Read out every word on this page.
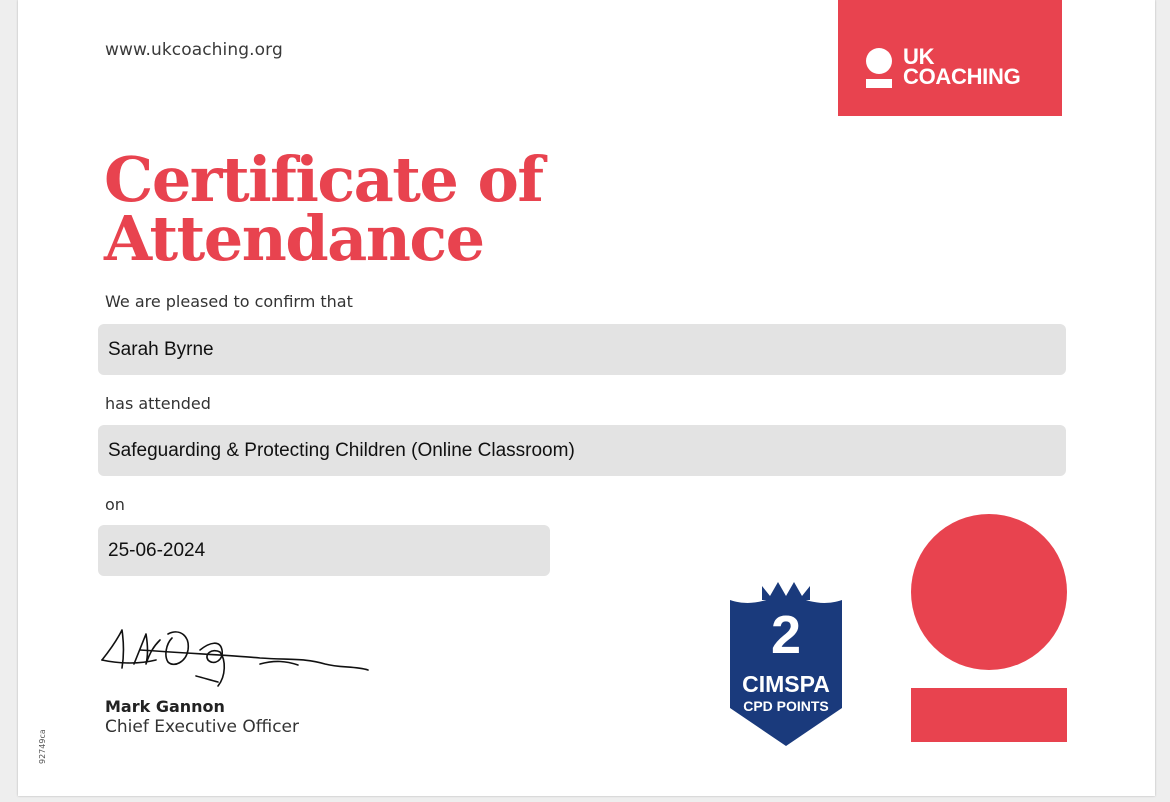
www.ukcoaching.org	UK
COACHING
Certificate of
Attendance
We are pleased to confirm that
Sarah Byrne
has attended
Safeguarding & Protecting Children (Online Classroom)
on
25-06-2024
Mark Gannon
Chief Executive Officer
2
CIMSPA
CPD POINTS
92749ca
